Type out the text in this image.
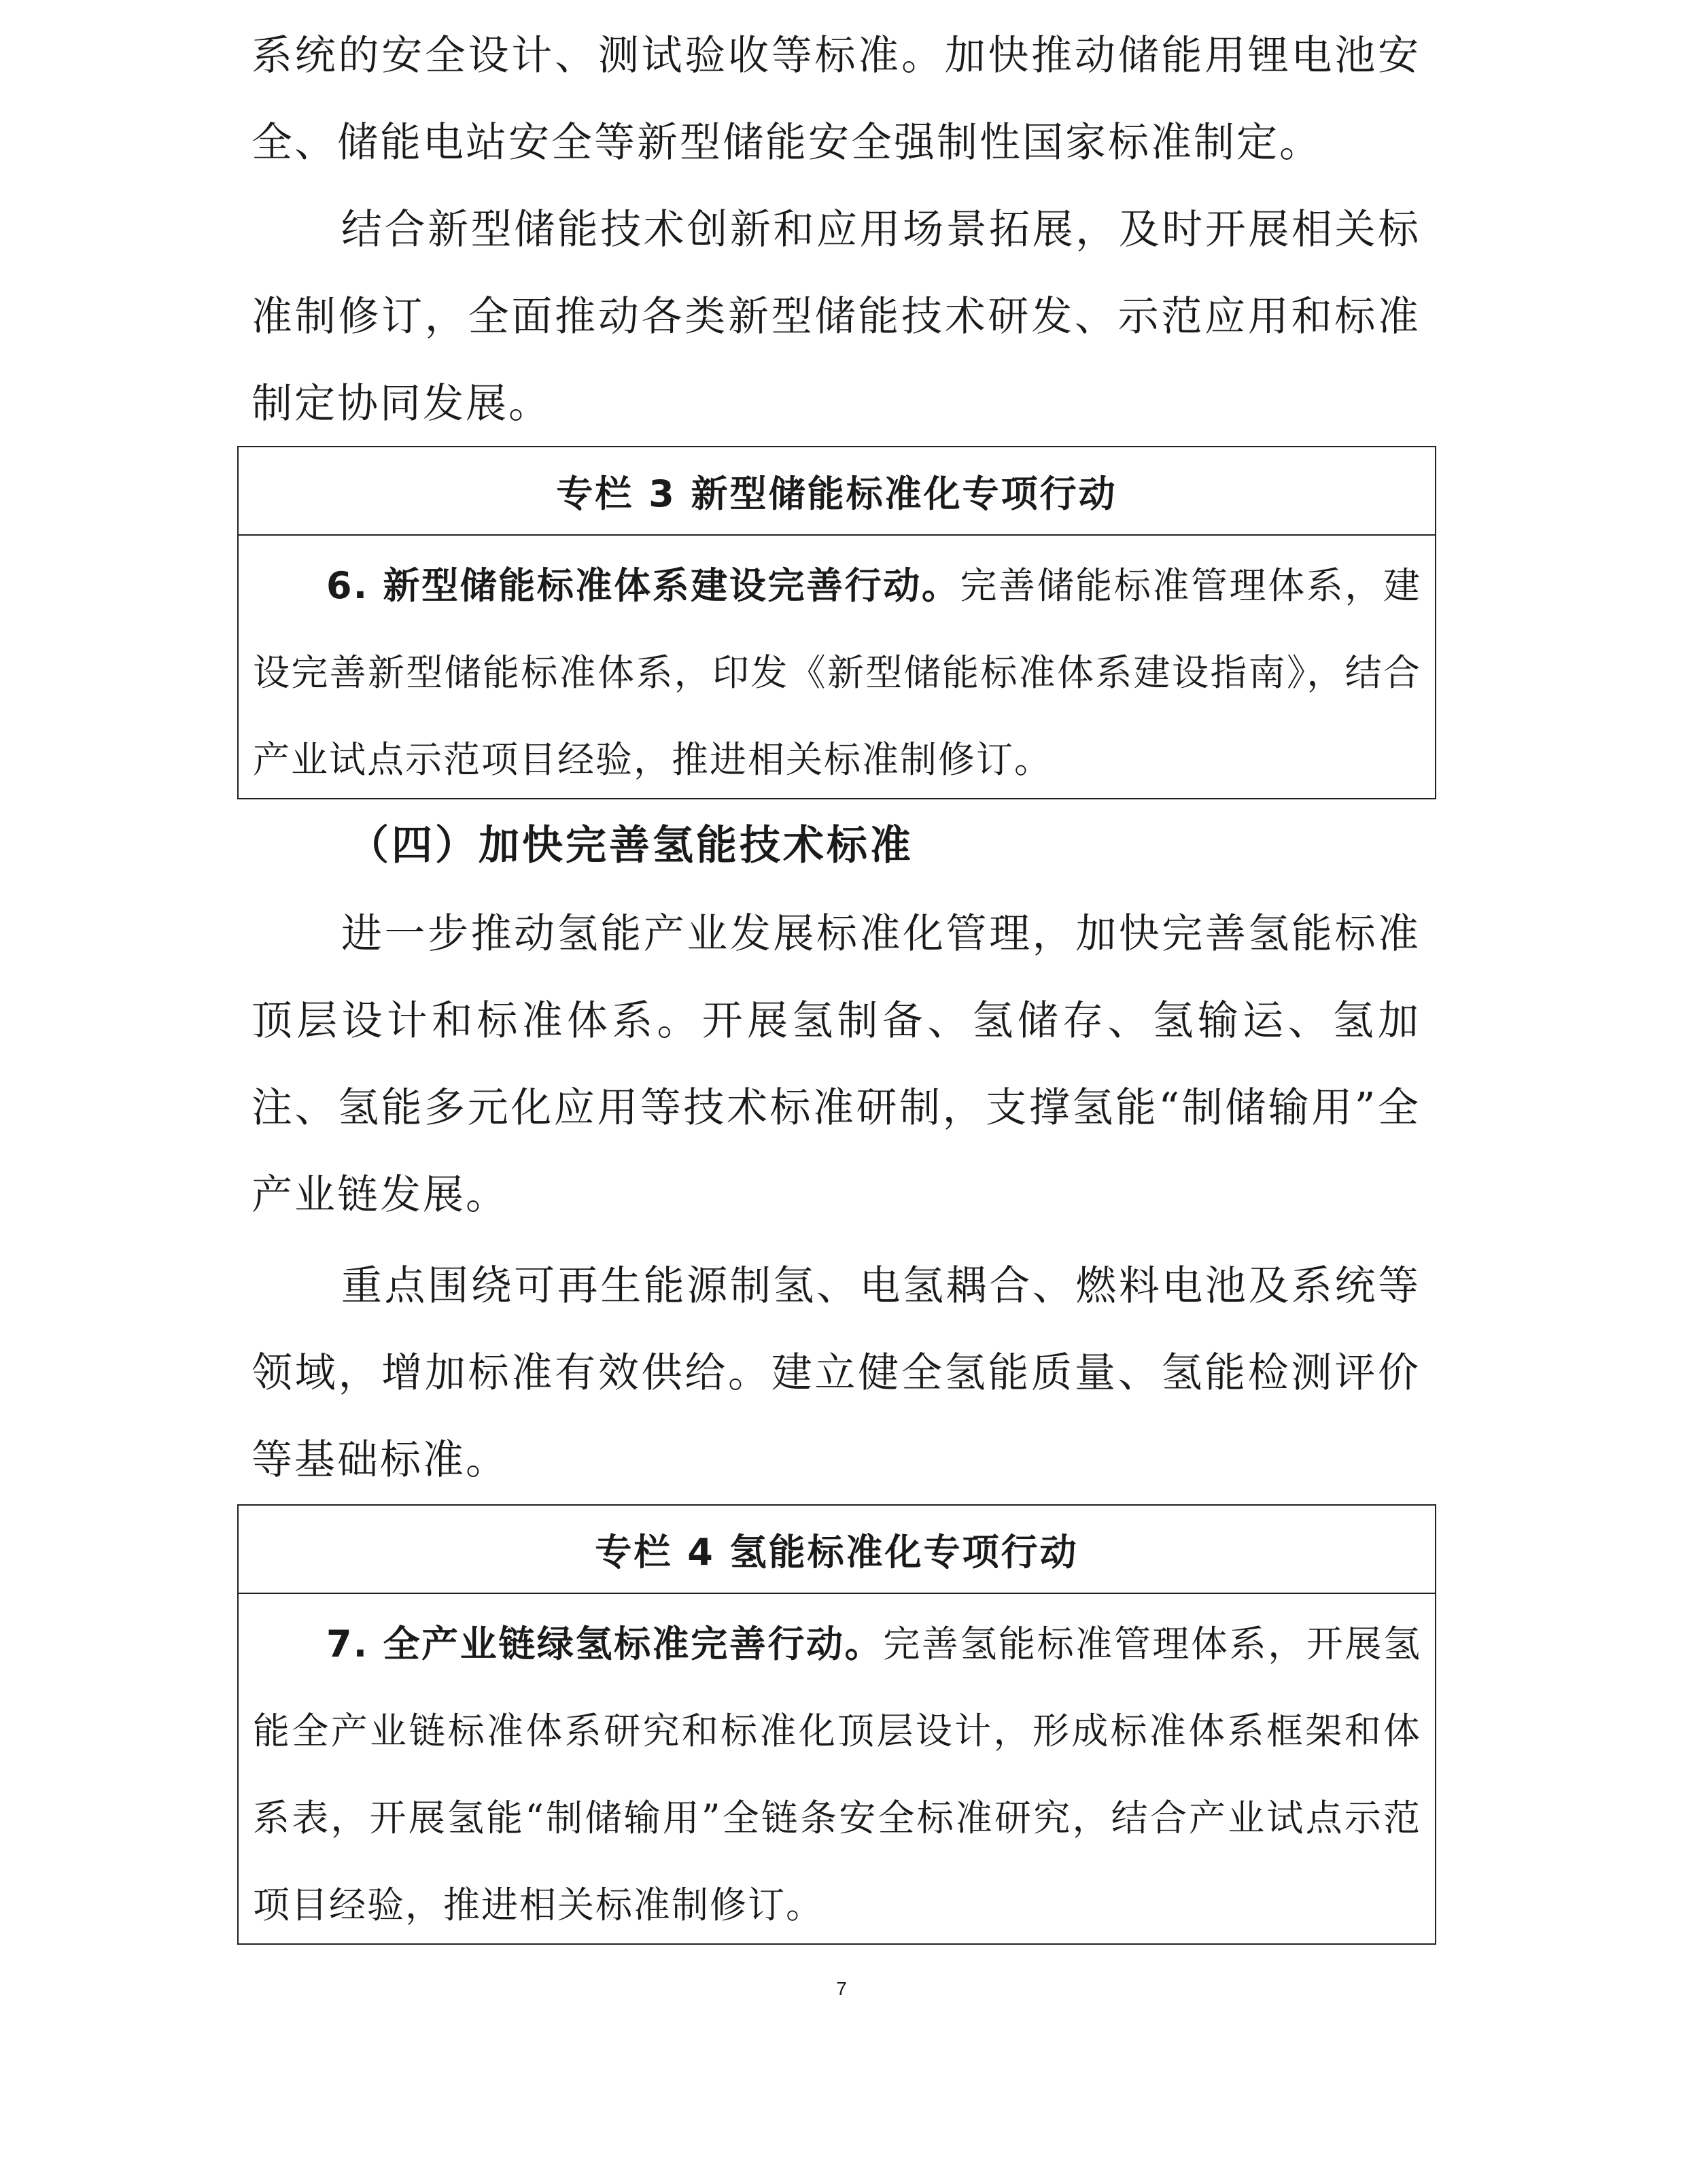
系统的安全设计、测试验收等标准。加快推动储能用锂电池安全、储能电站安全等新型储能安全强制性国家标准制定。

结合新型储能技术创新和应用场景拓展，及时开展相关标准制修订，全面推动各类新型储能技术研发、示范应用和标准制定协同发展。

专栏 3 新型储能标准化专项行动

6. 新型储能标准体系建设完善行动。完善储能标准管理体系，建设完善新型储能标准体系，印发《新型储能标准体系建设指南》，结合产业试点示范项目经验，推进相关标准制修订。

（四）加快完善氢能技术标准

进一步推动氢能产业发展标准化管理，加快完善氢能标准顶层设计和标准体系。开展氢制备、氢储存、氢输运、氢加注、氢能多元化应用等技术标准研制，支撑氢能“制储输用”全产业链发展。

重点围绕可再生能源制氢、电氢耦合、燃料电池及系统等领域，增加标准有效供给。建立健全氢能质量、氢能检测评价等基础标准。

专栏 4 氢能标准化专项行动

7. 全产业链绿氢标准完善行动。完善氢能标准管理体系，开展氢能全产业链标准体系研究和标准化顶层设计，形成标准体系框架和体系表，开展氢能“制储输用”全链条安全标准研究，结合产业试点示范项目经验，推进相关标准制修订。

7
